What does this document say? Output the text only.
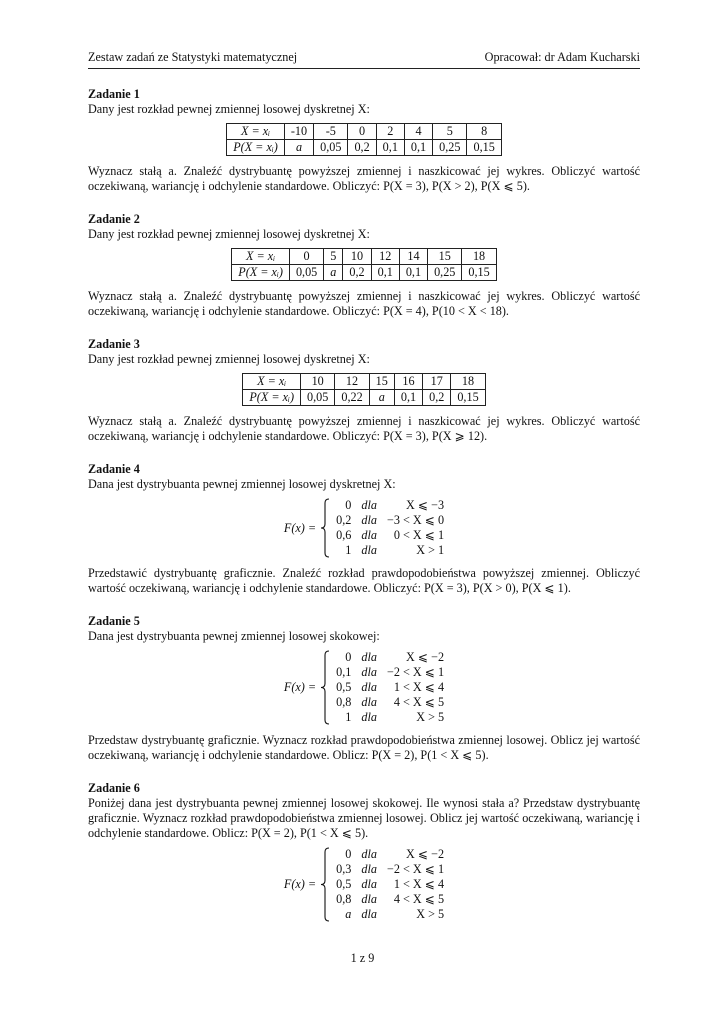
Zestaw zadań ze Statystyki matematycznej	Opracował: dr Adam Kucharski
Zadanie 1
Dany jest rozkład pewnej zmiennej losowej dyskretnej X:
X = xᵢ	-10	-5	0	2	4	5	8
P(X = xᵢ)	a	0,05	0,2	0,1	0,1	0,25	0,15
Wyznacz stałą a. Znaleźć dystrybuantę powyższej zmiennej i naszkicować jej wykres. Obliczyć wartość oczekiwaną, wariancję i odchylenie standardowe. Obliczyć: P(X = 3), P(X > 2), P(X ⩽ 5).
Zadanie 2
Dany jest rozkład pewnej zmiennej losowej dyskretnej X:
X = xᵢ	0	5	10	12	14	15	18
P(X = xᵢ)	0,05	a	0,2	0,1	0,1	0,25	0,15
Wyznacz stałą a. Znaleźć dystrybuantę powyższej zmiennej i naszkicować jej wykres. Obliczyć wartość oczekiwaną, wariancję i odchylenie standardowe. Obliczyć: P(X = 4), P(10 < X < 18).
Zadanie 3
Dany jest rozkład pewnej zmiennej losowej dyskretnej X:
X = xᵢ	10	12	15	16	17	18
P(X = xᵢ)	0,05	0,22	a	0,1	0,2	0,15
Wyznacz stałą a. Znaleźć dystrybuantę powyższej zmiennej i naszkicować jej wykres. Obliczyć wartość oczekiwaną, wariancję i odchylenie standardowe. Obliczyć: P(X = 3), P(X ⩾ 12).
Zadanie 4
Dana jest dystrybuanta pewnej zmiennej losowej dyskretnej X:
F(x) =
0 dla	X ⩽ −3
0,2 dla −3 < X ⩽ 0
0,6 dla	0 < X ⩽ 1
1 dla	X > 1
Przedstawić dystrybuantę graficznie. Znaleźć rozkład prawdopodobieństwa powyższej zmiennej. Obliczyć wartość oczekiwaną, wariancję i odchylenie standardowe. Obliczyć: P(X = 3), P(X > 0), P(X ⩽ 1).
Zadanie 5
Dana jest dystrybuanta pewnej zmiennej losowej skokowej:
F(x) =
0 dla	X ⩽ −2
0,1 dla −2 < X ⩽ 1
0,5 dla	1 < X ⩽ 4
0,8 dla	4 < X ⩽ 5
1 dla	X > 5
Przedstaw dystrybuantę graficznie. Wyznacz rozkład prawdopodobieństwa zmiennej losowej. Oblicz jej wartość oczekiwaną, wariancję i odchylenie standardowe. Oblicz: P(X = 2), P(1 < X ⩽ 5).
Zadanie 6
Poniżej dana jest dystrybuanta pewnej zmiennej losowej skokowej. Ile wynosi stała a? Przedstaw dystrybuantę graficznie. Wyznacz rozkład prawdopodobieństwa zmiennej losowej. Oblicz jej wartość oczekiwaną, wariancję i odchylenie standardowe. Oblicz: P(X = 2), P(1 < X ⩽ 5).
F(x) =
0 dla	X ⩽ −2
0,3 dla −2 < X ⩽ 1
0,5 dla	1 < X ⩽ 4
0,8 dla	4 < X ⩽ 5
a dla	X > 5
1 z 9
